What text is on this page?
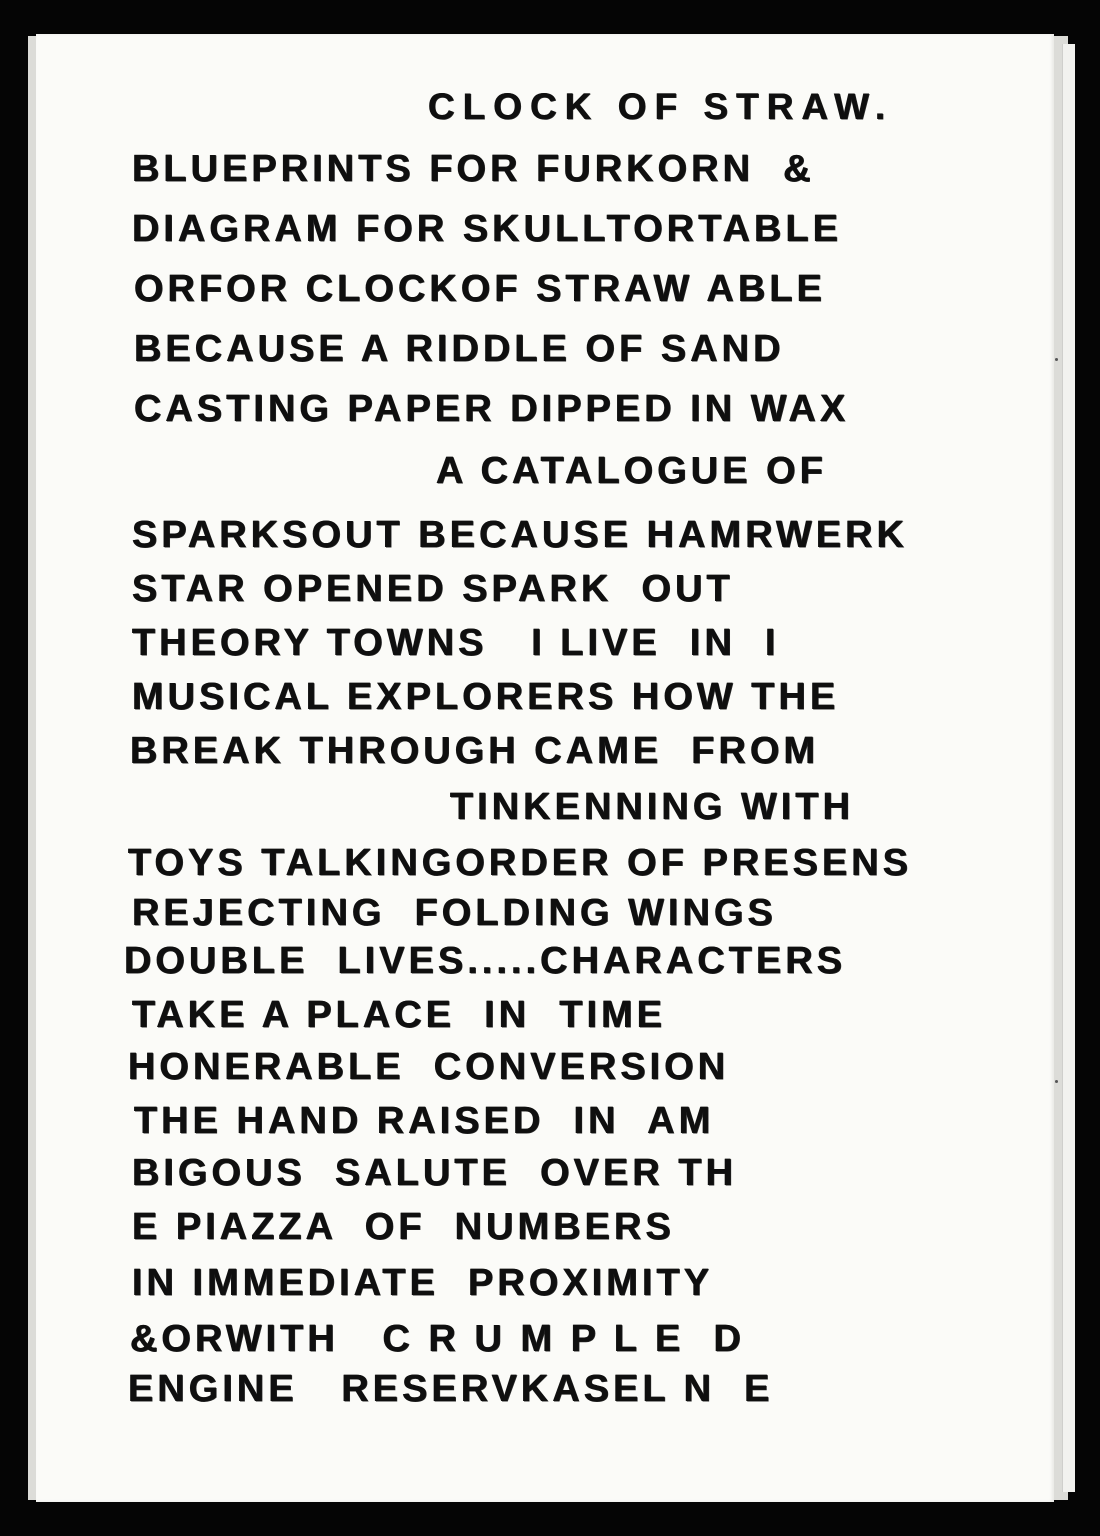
CLOCK OF STRAW.

BLUEPRINTS FOR FURKORN  &

DIAGRAM FOR SKULLTORTABLE

ORFOR CLOCKOF STRAW ABLE

BECAUSE A RIDDLE OF SAND

CASTING PAPER DIPPED IN WAX

A CATALOGUE OF

SPARKSOUT BECAUSE HAMRWERK

STAR OPENED SPARK  OUT

THEORY TOWNS   I LIVE  IN  I

MUSICAL EXPLORERS HOW THE

BREAK THROUGH CAME  FROM

TINKENNING WITH

TOYS TALKINGORDER OF PRESENS

REJECTING  FOLDING WINGS

DOUBLE  LIVES.....CHARACTERS

TAKE A PLACE  IN  TIME

HONERABLE  CONVERSION

THE HAND RAISED  IN  AM

BIGOUS  SALUTE  OVER TH

E PIAZZA  OF  NUMBERS

IN IMMEDIATE  PROXIMITY

&ORWITH   C R U M P L E  D

ENGINE   RESERVKASEL N  E
